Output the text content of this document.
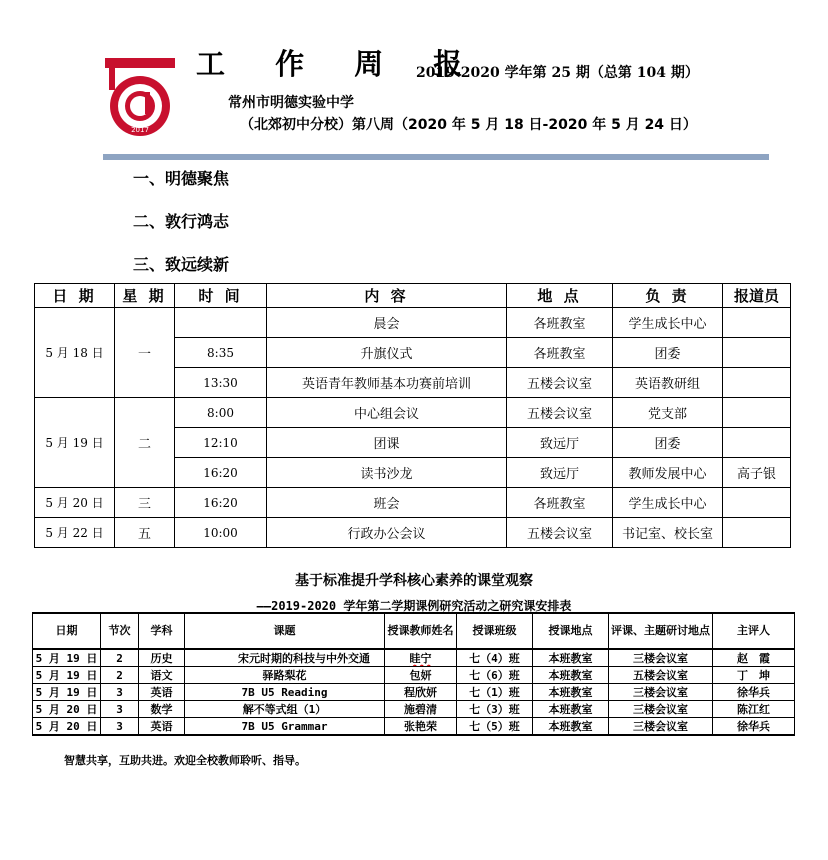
2017
工 作 周 报
2019-2020 学年第 25 期（总第 104 期）
常州市明德实验中学
（北郊初中分校）第八周（2020 年 5 月 18 日-2020 年 5 月 24 日）
一、明德聚焦
二、敦行鸿志
三、致远续新
日 期	星 期	时 间	内 容	地 点	负 责	报道员
5 月 18 日	一		晨会	各班教室	学生成长中心	
		8:35	升旗仪式	各班教室	团委	
		13:30	英语青年教师基本功赛前培训	五楼会议室	英语教研组	
5 月 19 日	二	8:00	中心组会议	五楼会议室	党支部	
		12:10	团课	致远厅	团委	
		16:20	读书沙龙	致远厅	教师发展中心	高子银
5 月 20 日	三	16:20	班会	各班教室	学生成长中心	
5 月 22 日	五	10:00	行政办公会议	五楼会议室	书记室、校长室	
基于标准提升学科核心素养的课堂观察
——2019-2020 学年第二学期课例研究活动之研究课安排表
日期	节次	学科	课题	授课教师姓名	授课班级	授课地点	评课、主题研讨地点	主评人
5 月 19 日	2	历史	宋元时期的科技与中外交通	眭宁	七（4）班	本班教室	三楼会议室	赵　霞
5 月 19 日	2	语文	驿路梨花	包妍	七（6）班	本班教室	五楼会议室	丁　坤
5 月 19 日	3	英语	7B U5 Reading	程欣妍	七（1）班	本班教室	三楼会议室	徐华兵
5 月 20 日	3	数学	解不等式组（1）	施碧清	七（3）班	本班教室	三楼会议室	陈江红
5 月 20 日	3	英语	7B U5 Grammar	张艳荣	七（5）班	本班教室	三楼会议室	徐华兵
智慧共享，互助共进。欢迎全校教师聆听、指导。
